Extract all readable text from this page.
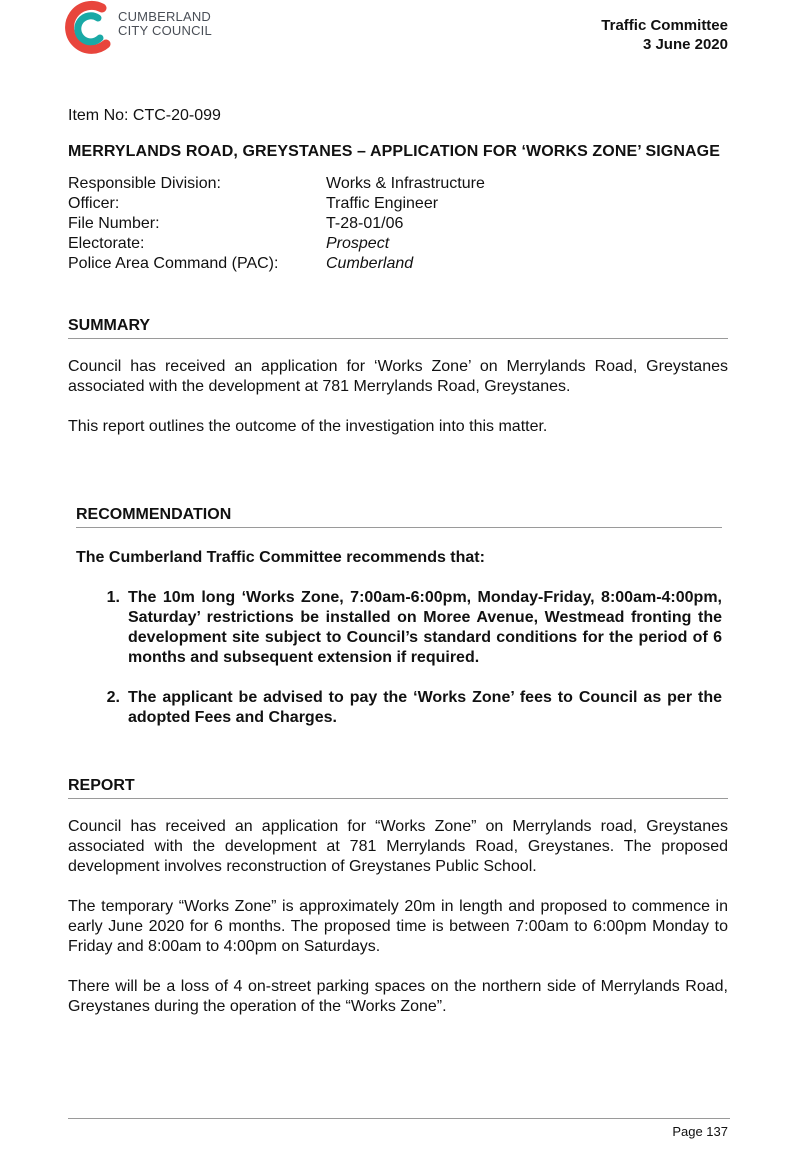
CUMBERLAND
CITY COUNCIL	Traffic Committee
3 June 2020

Item No: CTC-20-099

MERRYLANDS ROAD, GREYSTANES – APPLICATION FOR ‘WORKS ZONE’ SIGNAGE

Responsible Division:	Works & Infrastructure
Officer:	Traffic Engineer
File Number:	T-28-01/06
Electorate:	Prospect
Police Area Command (PAC):	Cumberland
SUMMARY

Council has received an application for ‘Works Zone’ on Merrylands Road, Greystanes associated with the development at 781 Merrylands Road, Greystanes.

This report outlines the outcome of the investigation into this matter.

RECOMMENDATION
The Cumberland Traffic Committee recommends that:
1. The 10m long ‘Works Zone, 7:00am-6:00pm, Monday-Friday, 8:00am-4:00pm, Saturday’ restrictions be installed on Moree Avenue, Westmead fronting the development site subject to Council’s standard conditions for the period of 6 months and subsequent extension if required.
2. The applicant be advised to pay the ‘Works Zone’ fees to Council as per the adopted Fees and Charges.
REPORT

Council has received an application for “Works Zone” on Merrylands road, Greystanes associated with the development at 781 Merrylands Road, Greystanes. The proposed development involves reconstruction of Greystanes Public School.

The temporary “Works Zone” is approximately 20m in length and proposed to commence in early June 2020 for 6 months. The proposed time is between 7:00am to 6:00pm Monday to Friday and 8:00am to 4:00pm on Saturdays.

There will be a loss of 4 on-street parking spaces on the northern side of Merrylands Road, Greystanes during the operation of the “Works Zone”.

Page 137
